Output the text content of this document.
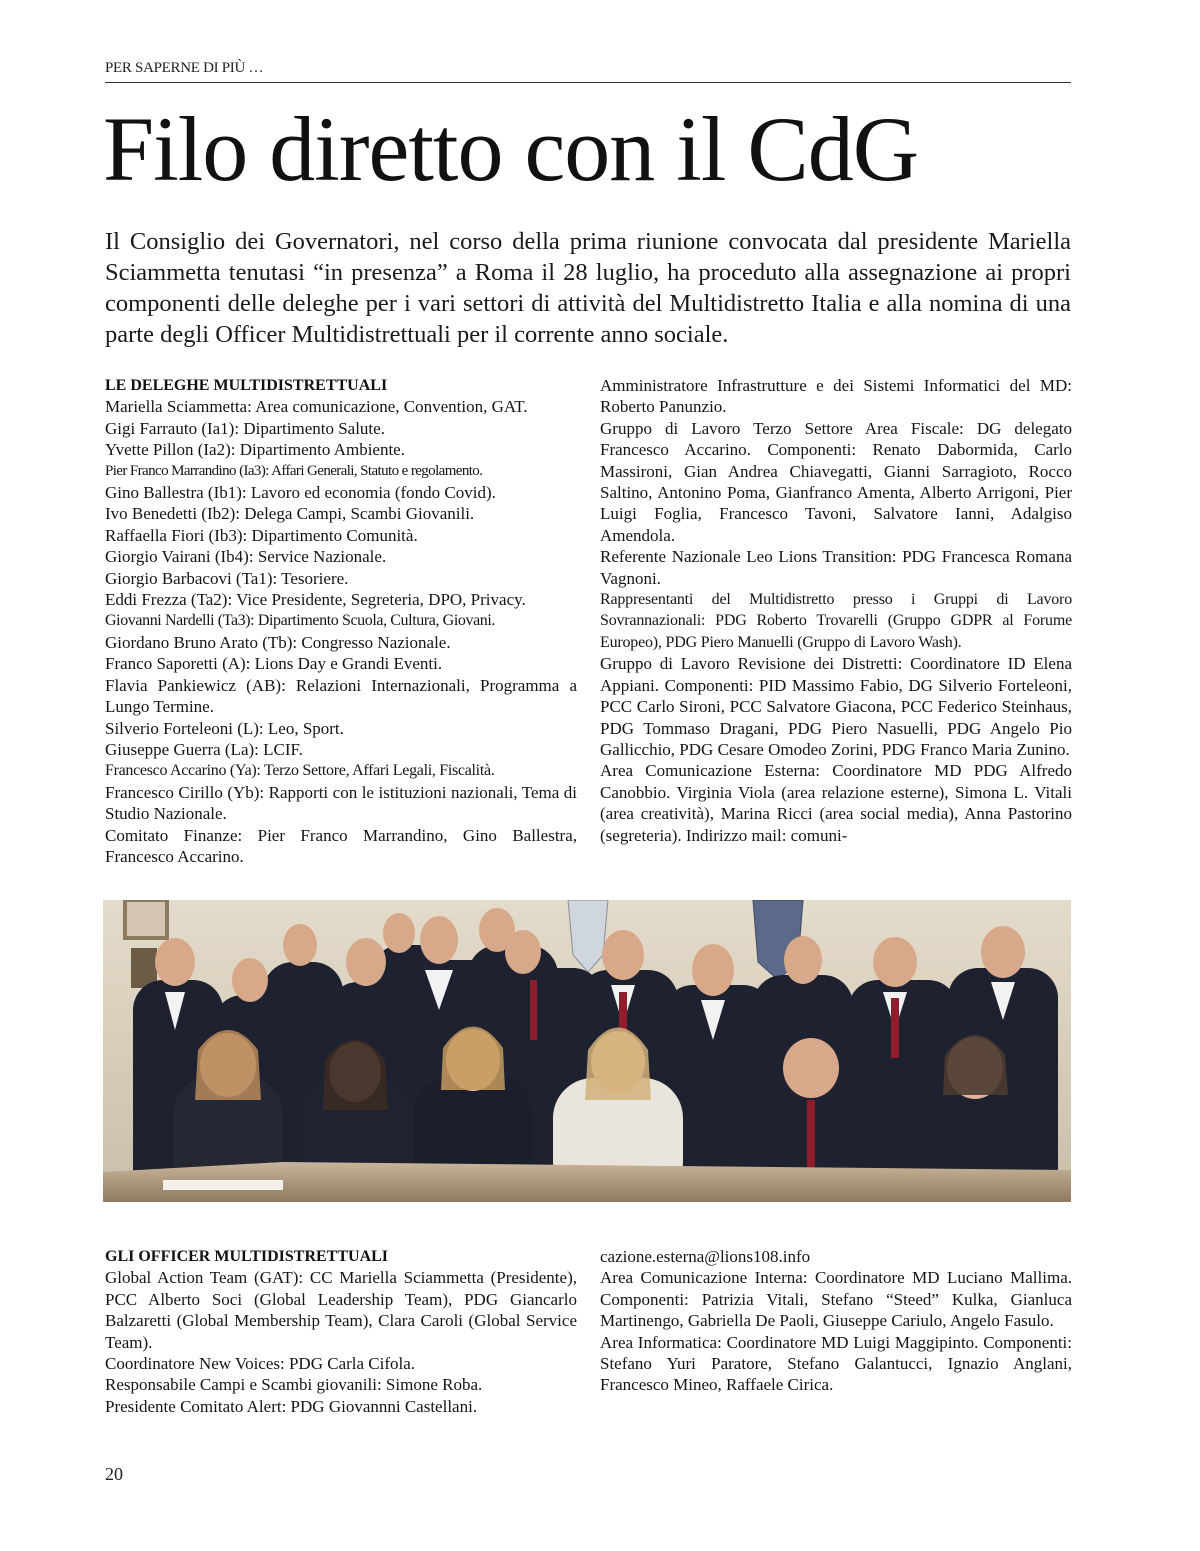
PER SAPERNE DI PIÙ …
Filo diretto con il CdG

Il Consiglio dei Governatori, nel corso della prima riunione convocata dal presidente Mariella Sciammetta tenutasi “in presenza” a Roma il 28 luglio, ha proceduto alla assegnazione ai propri componenti delle deleghe per i vari settori di attività del Multidistretto Italia e alla nomina di una parte degli Officer Multidistrettuali per il corrente anno sociale.

LE DELEGHE MULTIDISTRETTUALI

Mariella Sciammetta: Area comunicazione, Convention, GAT.

Gigi Farrauto (Ia1): Dipartimento Salute.

Yvette Pillon (Ia2): Dipartimento Ambiente.

Pier Franco Marrandino (Ia3): Affari Generali, Statuto e regolamento.

Gino Ballestra (Ib1): Lavoro ed economia (fondo Covid).

Ivo Benedetti (Ib2): Delega Campi, Scambi Giovanili.

Raffaella Fiori (Ib3): Dipartimento Comunità.

Giorgio Vairani (Ib4): Service Nazionale.

Giorgio Barbacovi (Ta1): Tesoriere.

Eddi Frezza (Ta2): Vice Presidente, Segreteria, DPO, Privacy.

Giovanni Nardelli (Ta3): Dipartimento Scuola, Cultura, Giovani.

Giordano Bruno Arato (Tb): Congresso Nazionale.

Franco Saporetti (A): Lions Day e Grandi Eventi.

Flavia Pankiewicz (AB): Relazioni Internazionali, Programma a Lungo Termine.

Silverio Forteleoni (L): Leo, Sport.

Giuseppe Guerra (La): LCIF.

Francesco Accarino (Ya): Terzo Settore, Affari Legali, Fiscalità.

Francesco Cirillo (Yb): Rapporti con le istituzioni nazionali, Tema di Studio Nazionale.

Comitato Finanze: Pier Franco Marrandino, Gino Ballestra, Francesco Accarino.

Amministratore Infrastrutture e dei Sistemi Informatici del MD: Roberto Panunzio.

Gruppo di Lavoro Terzo Settore Area Fiscale: DG delegato Francesco Accarino. Componenti: Renato Dabormida, Carlo Massironi, Gian Andrea Chiavegatti, Gianni Sarragioto, Rocco Saltino, Antonino Poma, Gianfranco Amenta, Alberto Arrigoni, Pier Luigi Foglia, Francesco Tavoni, Salvatore Ianni, Adalgiso Amendola.

Referente Nazionale Leo Lions Transition: PDG Francesca Romana Vagnoni.

Rappresentanti del Multidistretto presso i Gruppi di Lavoro Sovrannazionali: PDG Roberto Trovarelli (Gruppo GDPR al Forume Europeo), PDG Piero Manuelli (Gruppo di Lavoro Wash).

Gruppo di Lavoro Revisione dei Distretti: Coordinatore ID Elena Appiani. Componenti: PID Massimo Fabio, DG Silverio Forteleoni, PCC Carlo Sironi, PCC Salvatore Giacona, PCC Federico Steinhaus, PDG Tommaso Dragani, PDG Piero Nasuelli, PDG Angelo Pio Gallicchio, PDG Cesare Omodeo Zorini, PDG Franco Maria Zunino.

Area Comunicazione Esterna: Coordinatore MD PDG Alfredo Canobbio. Virginia Viola (area relazione esterne), Simona L. Vitali (area creatività), Marina Ricci (area social media), Anna Pastorino (segreteria). Indirizzo mail: comuni-

GLI OFFICER MULTIDISTRETTUALI

Global Action Team (GAT): CC Mariella Sciammetta (Presidente), PCC Alberto Soci (Global Leadership Team), PDG Giancarlo Balzaretti (Global Membership Team), Clara Caroli (Global Service Team).

Coordinatore New Voices: PDG Carla Cifola.

Responsabile Campi e Scambi giovanili: Simone Roba.

Presidente Comitato Alert: PDG Giovannni Castellani.

cazione.esterna@lions108.info

Area Comunicazione Interna: Coordinatore MD Luciano Mallima. Componenti: Patrizia Vitali, Stefano “Steed” Kulka, Gianluca Martinengo, Gabriella De Paoli, Giuseppe Cariulo, Angelo Fasulo.

Area Informatica: Coordinatore MD Luigi Maggipinto. Componenti: Stefano Yuri Paratore, Stefano Galantucci, Ignazio Anglani, Francesco Mineo, Raffaele Cirica.

20
